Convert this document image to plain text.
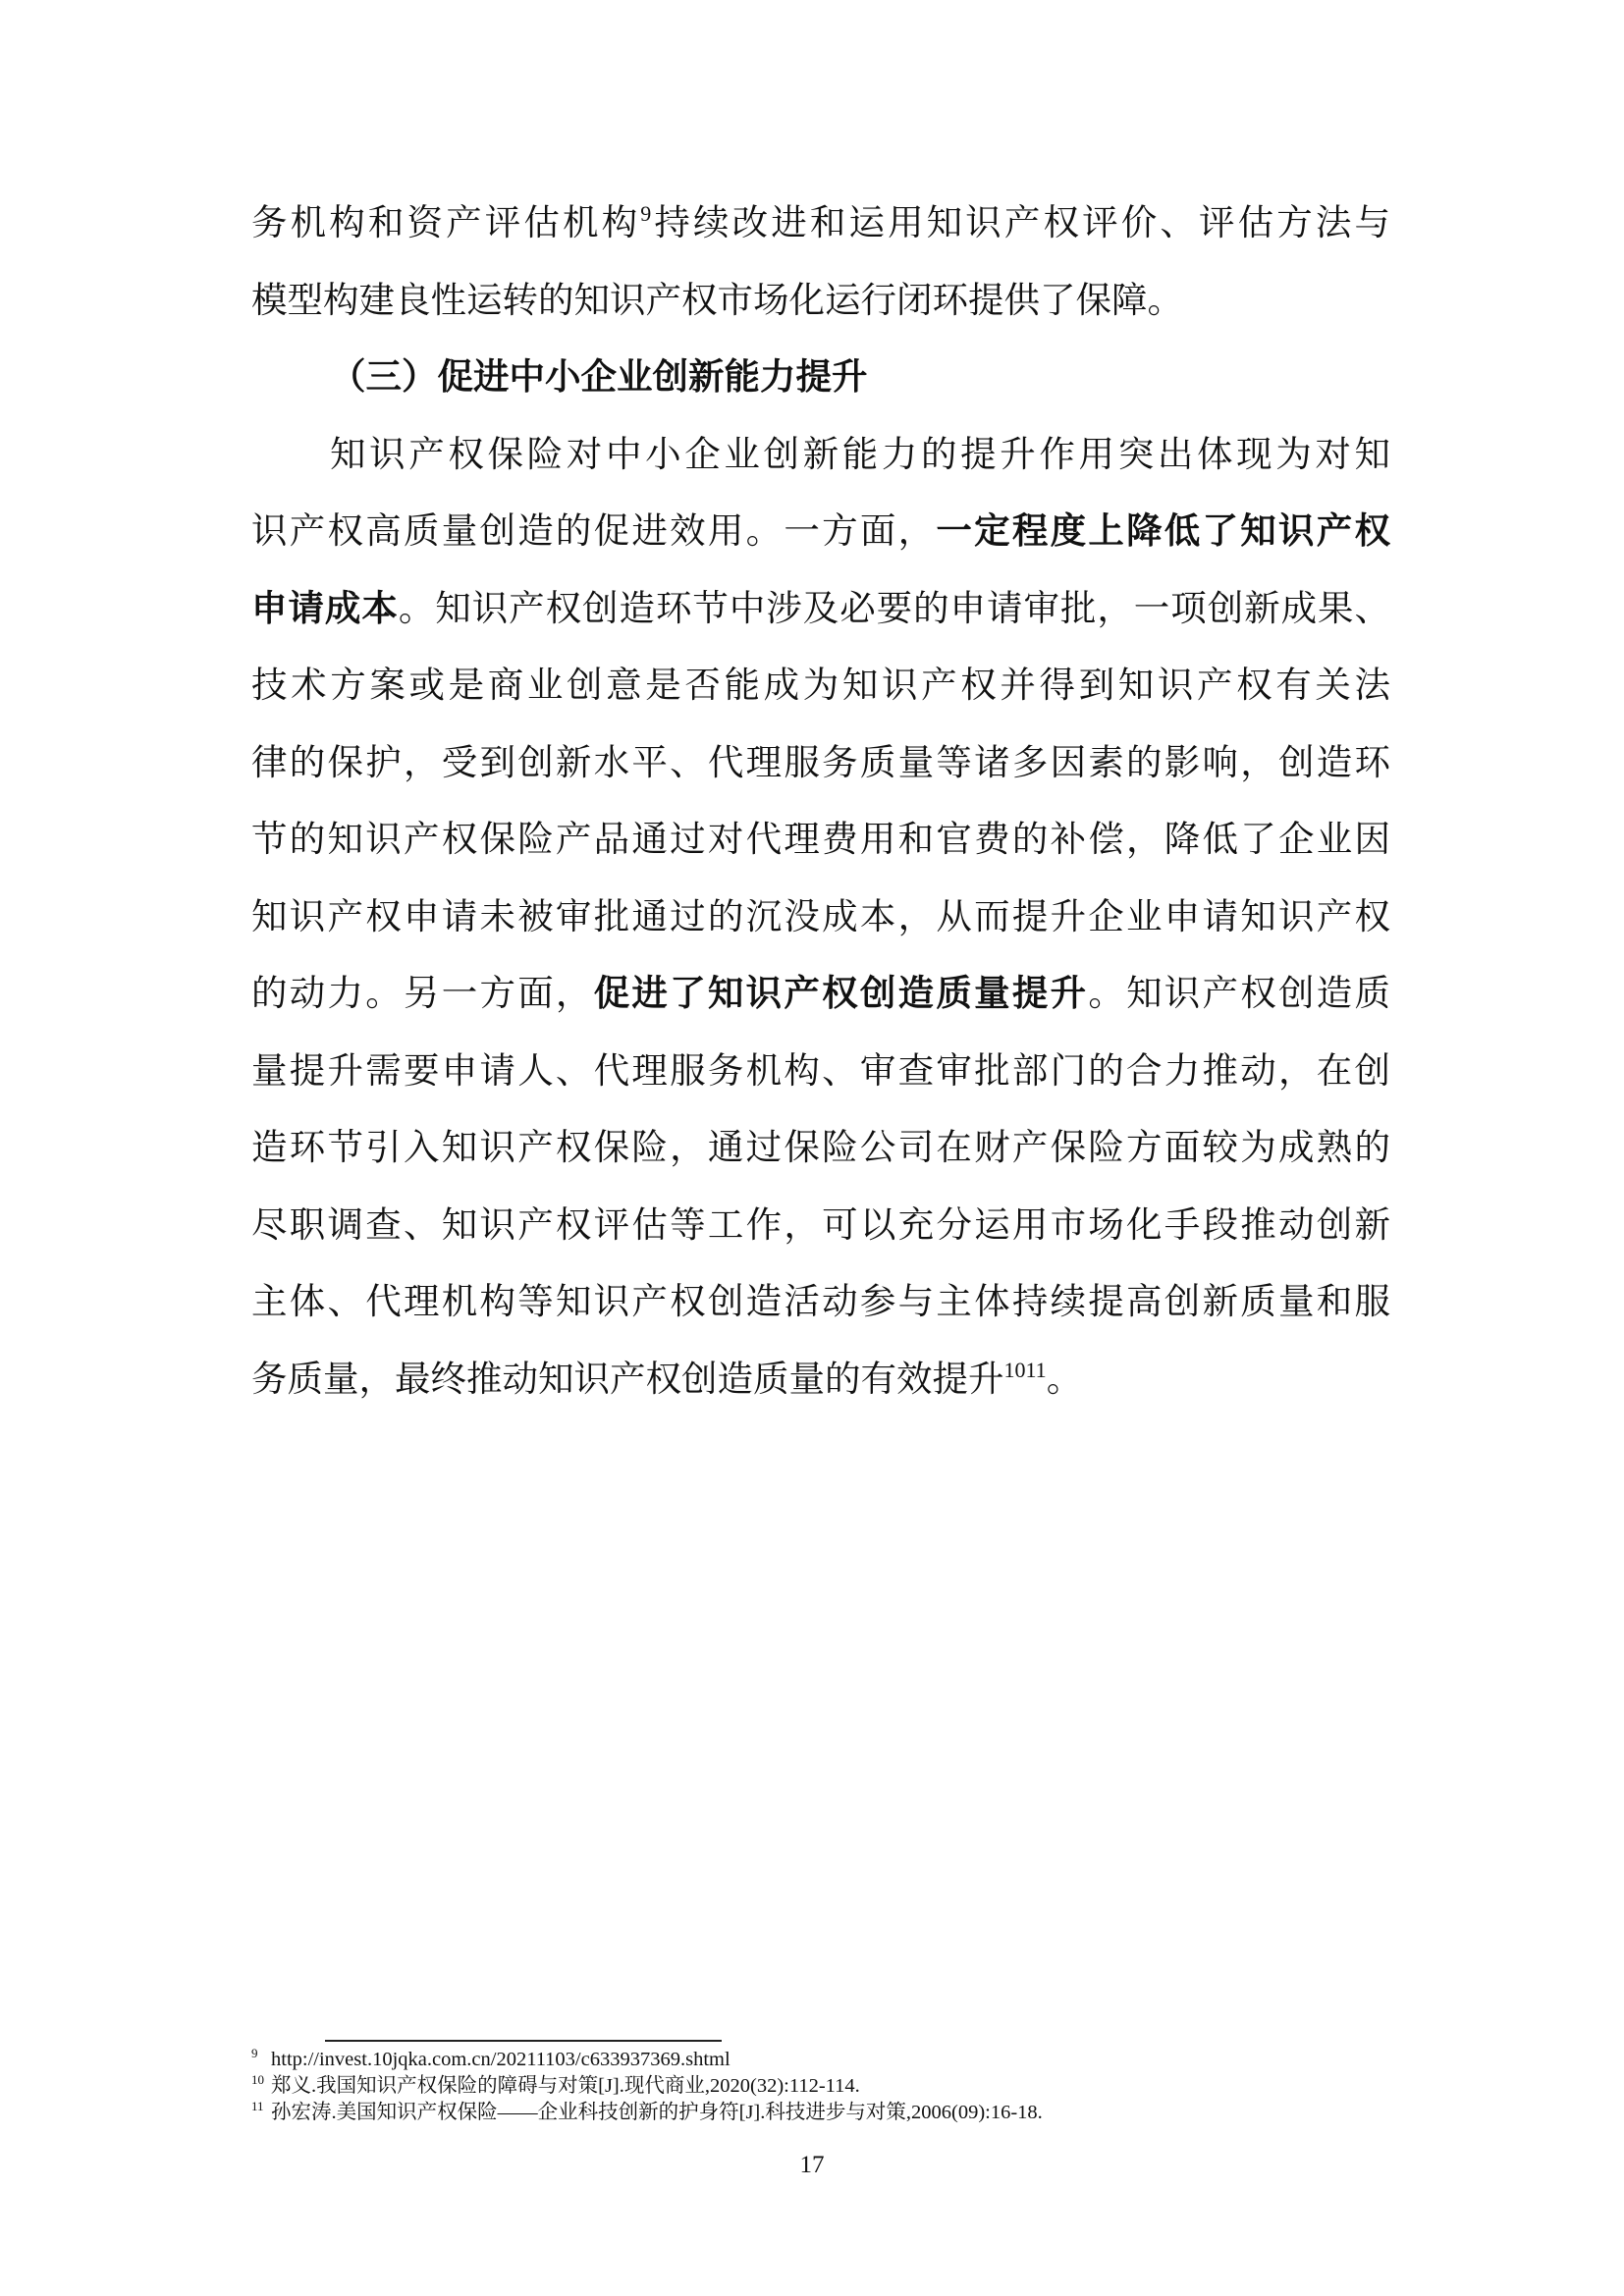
务机构和资产评估机构$^9$持续改进和运用知识产权评价、评估方法与
模型构建良性运转的知识产权市场化运行闭环提供了保障。
（三）促进中小企业创新能力提升
知识产权保险对中小企业创新能力的提升作用突出体现为对知
识产权高质量创造的促进效用。一方面，一定程度上降低了知识产权
申请成本。知识产权创造环节中涉及必要的申请审批，一项创新成果、
技术方案或是商业创意是否能成为知识产权并得到知识产权有关法
律的保护，受到创新水平、代理服务质量等诸多因素的影响，创造环
节的知识产权保险产品通过对代理费用和官费的补偿，降低了企业因
知识产权申请未被审批通过的沉没成本，从而提升企业申请知识产权
的动力。另一方面，促进了知识产权创造质量提升。知识产权创造质
量提升需要申请人、代理服务机构、审查审批部门的合力推动，在创
造环节引入知识产权保险，通过保险公司在财产保险方面较为成熟的
尽职调查、知识产权评估等工作，可以充分运用市场化手段推动创新
主体、代理机构等知识产权创造活动参与主体持续提高创新质量和服
务质量，最终推动知识产权创造质量的有效提升$^{1011}$。
9 http://invest.10jqka.com.cn/20211103/c633937369.shtml
10 郑义.我国知识产权保险的障碍与对策[J].现代商业,2020(32):112-114.
11 孙宏涛.美国知识产权保险——企业科技创新的护身符[J].科技进步与对策,2006(09):16-18.
17
